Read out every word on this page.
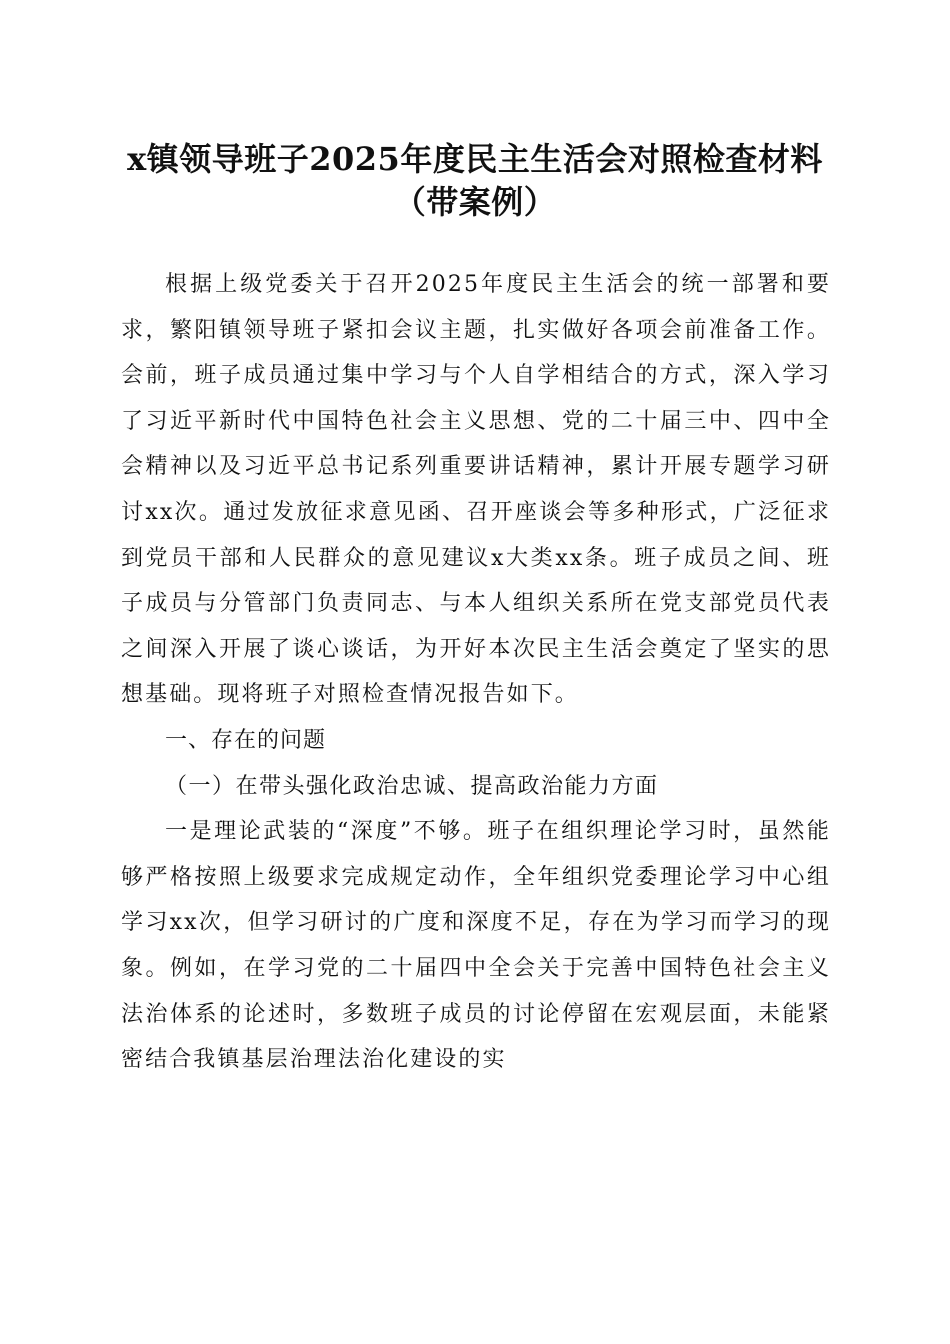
x镇领导班子2025年度民主生活会对照检查材料（带案例）

根据上级党委关于召开2025年度民主生活会的统一部署和要求，繁阳镇领导班子紧扣会议主题，扎实做好各项会前准备工作。会前，班子成员通过集中学习与个人自学相结合的方式，深入学习了习近平新时代中国特色社会主义思想、党的二十届三中、四中全会精神以及习近平总书记系列重要讲话精神，累计开展专题学习研讨xx次。通过发放征求意见函、召开座谈会等多种形式，广泛征求到党员干部和人民群众的意见建议x大类xx条。班子成员之间、班子成员与分管部门负责同志、与本人组织关系所在党支部党员代表之间深入开展了谈心谈话，为开好本次民主生活会奠定了坚实的思想基础。现将班子对照检查情况报告如下。

一、存在的问题

（一）在带头强化政治忠诚、提高政治能力方面

一是理论武装的“深度”不够。班子在组织理论学习时，虽然能够严格按照上级要求完成规定动作，全年组织党委理论学习中心组学习xx次，但学习研讨的广度和深度不足，存在为学习而学习的现象。例如，在学习党的二十届四中全会关于完善中国特色社会主义法治体系的论述时，多数班子成员的讨论停留在宏观层面，未能紧密结合我镇基层治理法治化建设的实
